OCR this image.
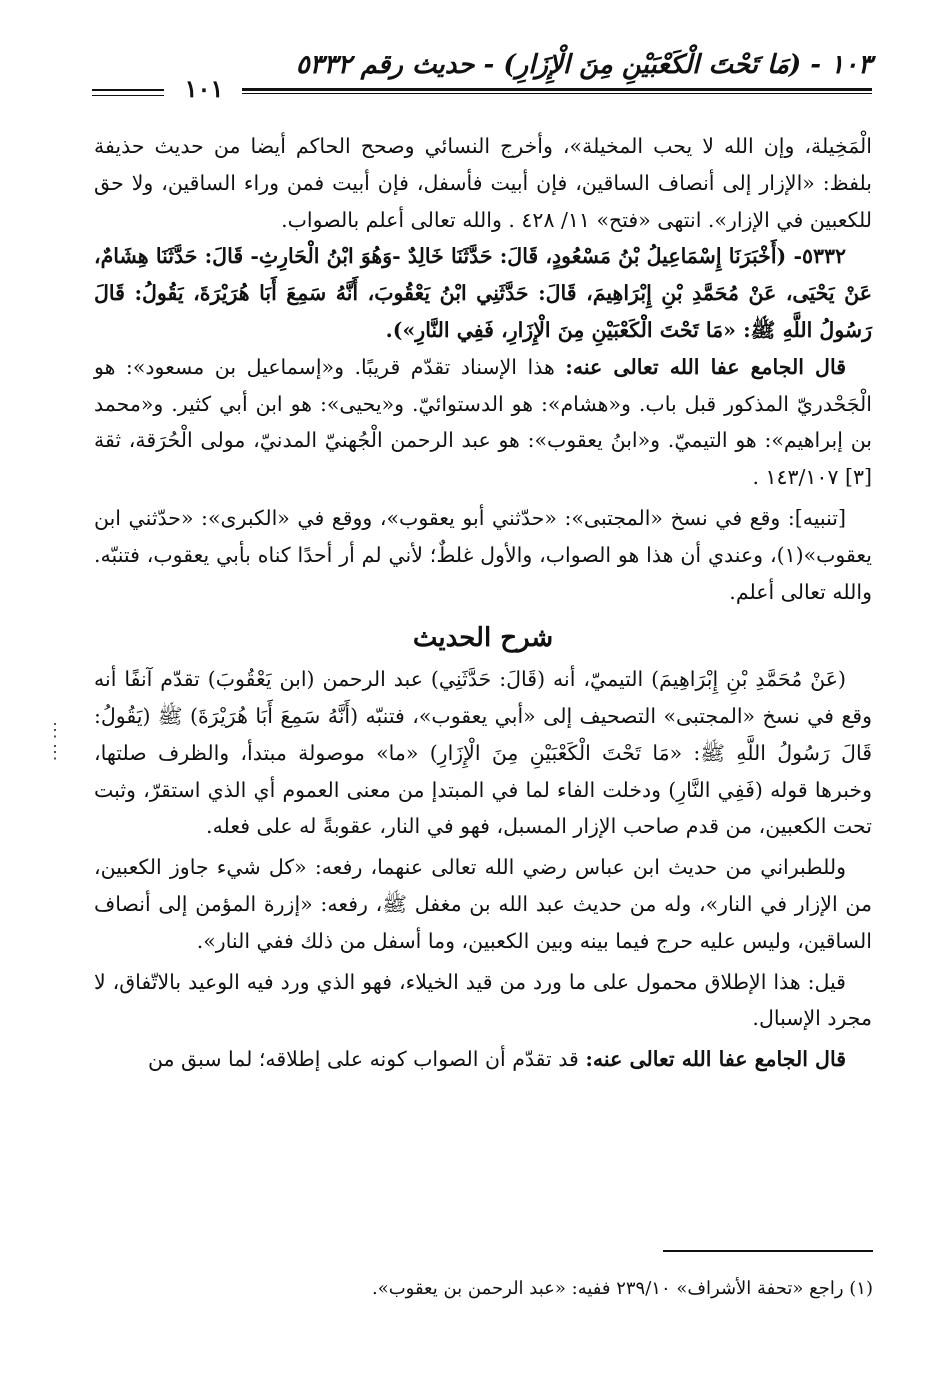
١٠٣ - (مَا تَحْتَ الْكَعْبَيْنِ مِنَ الْإِزَارِ) - حديث رقم ٥٣٣٢
١٠١

الْمَخِيلة، وإن الله لا يحب المخيلة»، وأخرج النسائي وصحح الحاكم أيضا من حديث حذيفة بلفظ: «الإزار إلى أنصاف الساقين، فإن أبيت فأسفل، فإن أبيت فمن وراء الساقين، ولا حق للكعبين في الإزار». انتهى «فتح» ١١/ ٤٢٨ . والله تعالى أعلم بالصواب.

٥٣٣٢- (أَخْبَرَنَا إِسْمَاعِيلُ بْنُ مَسْعُودٍ، قَالَ: حَدَّثَنَا خَالِدٌ -وَهُوَ ابْنُ الْحَارِثِ- قَالَ: حَدَّثَنَا هِشَامٌ، عَنْ يَحْيَى، عَنْ مُحَمَّدِ بْنِ إِبْرَاهِيمَ، قَالَ: حَدَّثَنِي ابْنُ يَعْقُوبَ، أَنَّهُ سَمِعَ أَبَا هُرَيْرَةَ، يَقُولُ: قَالَ رَسُولُ اللَّهِ ﷺ: «مَا تَحْتَ الْكَعْبَيْنِ مِنَ الْإِزَارِ، فَفِي النَّارِ»).

قال الجامع عفا الله تعالى عنه: هذا الإسناد تقدّم قريبًا. و«إسماعيل بن مسعود»: هو الْجَحْدريّ المذكور قبل باب. و«هشام»: هو الدستوائيّ. و«يحيى»: هو ابن أبي كثير. و«محمد بن إبراهيم»: هو التيميّ. و«ابنُ يعقوب»: هو عبد الرحمن الْجُهنيّ المدنيّ، مولى الْحُرَقة، ثقة [٣] ١٤٣/١٠٧ .

[تنبيه]: وقع في نسخ «المجتبى»: «حدّثني أبو يعقوب»، ووقع في «الكبرى»: «حدّثني ابن يعقوب»(١)، وعندي أن هذا هو الصواب، والأول غلطٌ؛ لأني لم أر أحدًا كناه بأبي يعقوب، فتنبّه. والله تعالى أعلم.

شرح الحديث

(عَنْ مُحَمَّدِ بْنِ إِبْرَاهِيمَ) التيميّ، أنه (قَالَ: حَدَّثَنِي) عبد الرحمن (ابن يَعْقُوبَ) تقدّم آنفًا أنه وقع في نسخ «المجتبى» التصحيف إلى «أبي يعقوب»، فتنبّه (أَنَّهُ سَمِعَ أَبَا هُرَيْرَةَ) ﷺ (يَقُولُ: قَالَ رَسُولُ اللَّهِ ﷺ: «مَا تَحْتَ الْكَعْبَيْنِ مِنَ الْإِزَارِ) «ما» موصولة مبتدأ، والظرف صلتها، وخبرها قوله (فَفِي النَّارِ) ودخلت الفاء لما في المبتدإ من معنى العموم أي الذي استقرّ، وثبت تحت الكعبين، من قدم صاحب الإزار المسبل، فهو في النار، عقوبةً له على فعله.

وللطبراني من حديث ابن عباس رضي الله تعالى عنهما، رفعه: «كل شيء جاوز الكعبين، من الإزار في النار»، وله من حديث عبد الله بن مغفل ﷺ، رفعه: «إزرة المؤمن إلى أنصاف الساقين، وليس عليه حرج فيما بينه وبين الكعبين، وما أسفل من ذلك ففي النار».

قيل: هذا الإطلاق محمول على ما ورد من قيد الخيلاء، فهو الذي ورد فيه الوعيد بالاتّفاق، لا مجرد الإسبال.

قال الجامع عفا الله تعالى عنه: قد تقدّم أن الصواب كونه على إطلاقه؛ لما سبق من

⋮ ⋮
(١) راجع «تحفة الأشراف» ٢٣٩/١٠ ففيه: «عبد الرحمن بن يعقوب».
